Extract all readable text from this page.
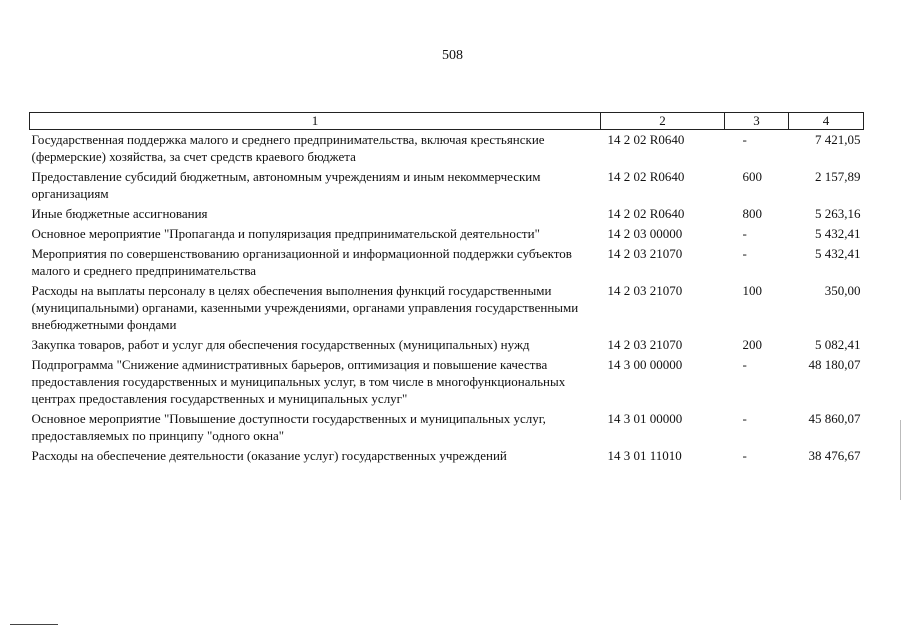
508
1	2	3	4
Государственная поддержка малого и среднего предпринимательства, включая крестьянские (фермерские) хозяйства, за счет средств краевого бюджета	14 2 02 R0640	-	7 421,05
Предоставление субсидий бюджетным, автономным учреждениям и иным некоммерческим организациям	14 2 02 R0640	600	2 157,89
Иные бюджетные ассигнования	14 2 02 R0640	800	5 263,16
Основное мероприятие "Пропаганда и популяризация предпринимательской деятельности"	14 2 03 00000	-	5 432,41
Мероприятия по совершенствованию организационной и информационной поддержки субъектов малого и среднего предпринимательства	14 2 03 21070	-	5 432,41
Расходы на выплаты персоналу в целях обеспечения выполнения функций государственными (муниципальными) органами, казенными учреждениями, органами управления государственными внебюджетными фондами	14 2 03 21070	100	350,00
Закупка товаров, работ и услуг для обеспечения государственных (муниципальных) нужд	14 2 03 21070	200	5 082,41
Подпрограмма "Снижение административных барьеров, оптимизация и повышение качества предоставления государственных и муниципальных услуг, в том числе в многофункциональных центрах предоставления государственных и муниципальных услуг"	14 3 00 00000	-	48 180,07
Основное мероприятие "Повышение доступности государственных и муниципальных услуг, предоставляемых по принципу "одного окна"	14 3 01 00000	-	45 860,07
Расходы на обеспечение деятельности (оказание услуг) государственных учреждений	14 3 01 11010	-	38 476,67
